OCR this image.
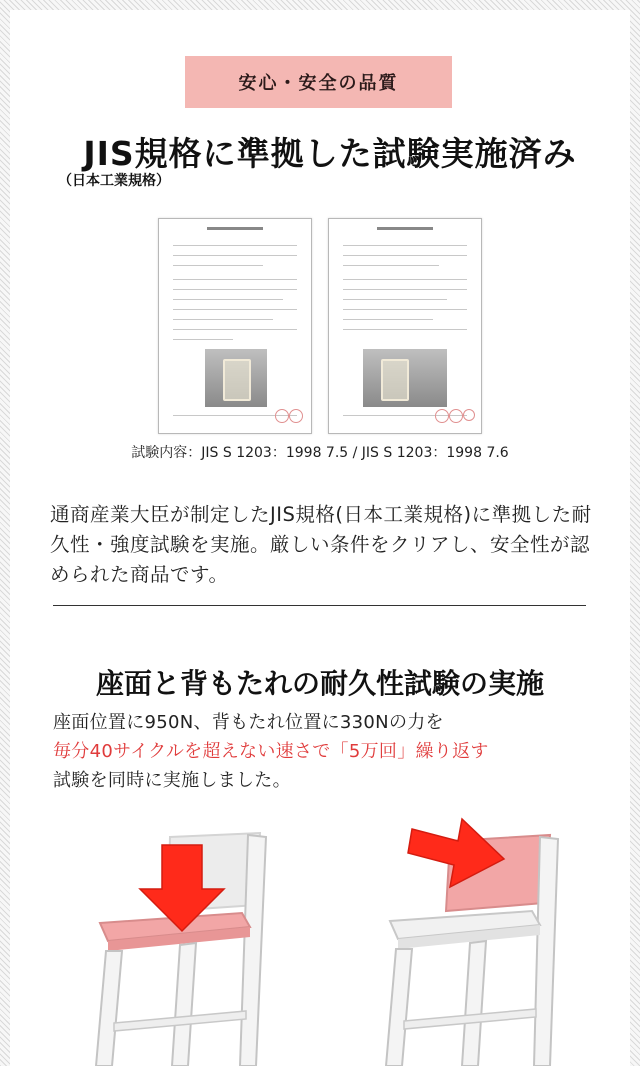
安心・安全の品質
JIS規格に準拠した試験実施済み
（日本工業規格）
試験内容：JIS S 1203：1998 7.5 / JIS S 1203：1998 7.6
通商産業大臣が制定したJIS規格(日本工業規格)に準拠した耐久性・強度試験を実施。厳しい条件をクリアし、安全性が認められた商品です。
座面と背もたれの耐久性試験の実施
座面位置に950N、背もたれ位置に330Nの力を
毎分40サイクルを超えない速さで「5万回」繰り返す
試験を同時に実施しました。
